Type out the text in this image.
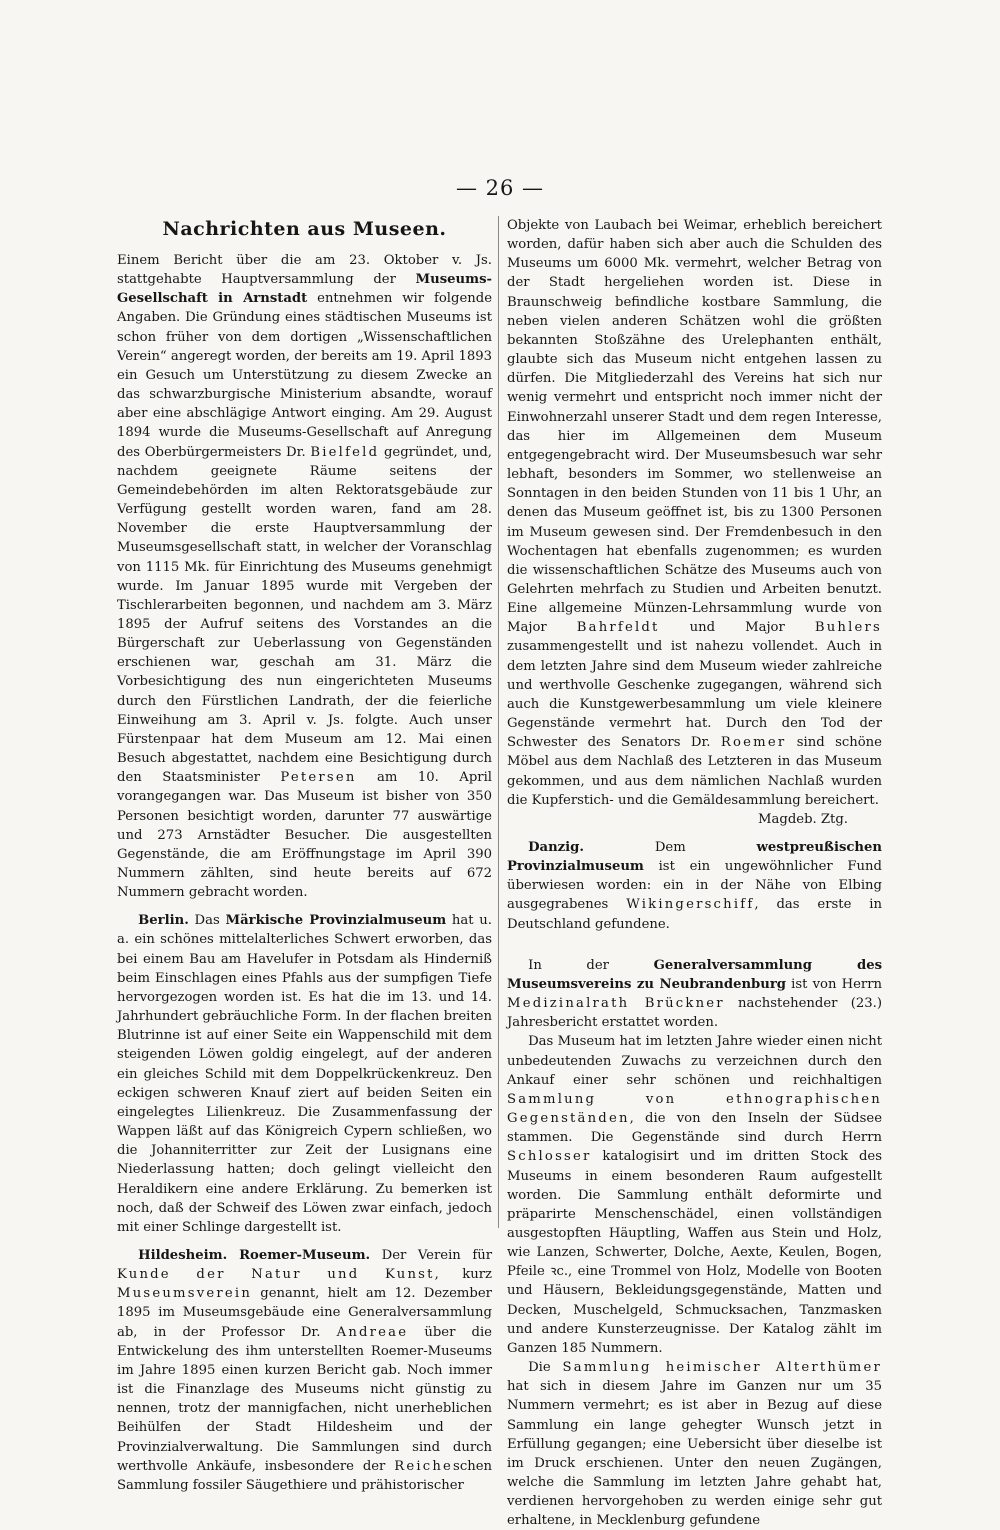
— 26 —
Nachrichten aus Museen.

Einem Bericht über die am 23. Oktober v. Js. stattgehabte Hauptversammlung der Museums-Gesellschaft in Arnstadt entnehmen wir folgende Angaben. Die Gründung eines städtischen Museums ist schon früher von dem dortigen „Wissenschaftlichen Verein“ angeregt worden, der bereits am 19. April 1893 ein Gesuch um Unterstützung zu diesem Zwecke an das schwarzburgische Ministerium absandte, worauf aber eine abschlägige Antwort einging. Am 29. August 1894 wurde die Museums-Gesellschaft auf Anregung des Oberbürgermeisters Dr. Bielfeld gegründet, und, nachdem geeignete Räume seitens der Gemeindebehörden im alten Rektoratsgebäude zur Verfügung gestellt worden waren, fand am 28. November die erste Hauptversammlung der Museumsgesellschaft statt, in welcher der Voranschlag von 1115 Mk. für Einrichtung des Museums genehmigt wurde. Im Januar 1895 wurde mit Vergeben der Tischlerarbeiten begonnen, und nachdem am 3. März 1895 der Aufruf seitens des Vorstandes an die Bürgerschaft zur Ueberlassung von Gegenständen erschienen war, geschah am 31. März die Vorbesichtigung des nun eingerichteten Museums durch den Fürstlichen Landrath, der die feierliche Einweihung am 3. April v. Js. folgte. Auch unser Fürstenpaar hat dem Museum am 12. Mai einen Besuch abgestattet, nachdem eine Besichtigung durch den Staatsminister Petersen am 10. April vorangegangen war. Das Museum ist bisher von 350 Personen besichtigt worden, darunter 77 auswärtige und 273 Arnstädter Besucher. Die ausgestellten Gegenstände, die am Eröffnungstage im April 390 Nummern zählten, sind heute bereits auf 672 Nummern gebracht worden.

Berlin. Das Märkische Provinzialmuseum hat u. a. ein schönes mittelalterliches Schwert erworben, das bei einem Bau am Havelufer in Potsdam als Hinderniß beim Einschlagen eines Pfahls aus der sumpfigen Tiefe hervorgezogen worden ist. Es hat die im 13. und 14. Jahrhundert gebräuchliche Form. In der flachen breiten Blutrinne ist auf einer Seite ein Wappenschild mit dem steigenden Löwen goldig eingelegt, auf der anderen ein gleiches Schild mit dem Doppelkrückenkreuz. Den eckigen schweren Knauf ziert auf beiden Seiten ein eingelegtes Lilienkreuz. Die Zusammenfassung der Wappen läßt auf das Königreich Cypern schließen, wo die Johanniterritter zur Zeit der Lusignans eine Niederlassung hatten; doch gelingt vielleicht den Heraldikern eine andere Erklärung. Zu bemerken ist noch, daß der Schweif des Löwen zwar einfach, jedoch mit einer Schlinge dargestellt ist.

Hildesheim. Roemer-Museum. Der Verein für Kunde der Natur und Kunst, kurz Museumsverein genannt, hielt am 12. Dezember 1895 im Museumsgebäude eine Generalversammlung ab, in der Professor Dr. Andreae über die Entwickelung des ihm unterstellten Roemer-Museums im Jahre 1895 einen kurzen Bericht gab. Noch immer ist die Finanzlage des Museums nicht günstig zu nennen, trotz der mannigfachen, nicht unerheblichen Beihülfen der Stadt Hildesheim und der Provinzialverwaltung. Die Sammlungen sind durch werthvolle Ankäufe, insbesondere der Reicheschen Sammlung fossiler Säugethiere und prähistorischer

Objekte von Laubach bei Weimar, erheblich bereichert worden, dafür haben sich aber auch die Schulden des Museums um 6000 Mk. vermehrt, welcher Betrag von der Stadt hergeliehen worden ist. Diese in Braunschweig befindliche kostbare Sammlung, die neben vielen anderen Schätzen wohl die größten bekannten Stoßzähne des Urelephanten enthält, glaubte sich das Museum nicht entgehen lassen zu dürfen. Die Mitgliederzahl des Vereins hat sich nur wenig vermehrt und entspricht noch immer nicht der Einwohnerzahl unserer Stadt und dem regen Interesse, das hier im Allgemeinen dem Museum entgegengebracht wird. Der Museumsbesuch war sehr lebhaft, besonders im Sommer, wo stellenweise an Sonntagen in den beiden Stunden von 11 bis 1 Uhr, an denen das Museum geöffnet ist, bis zu 1300 Personen im Museum gewesen sind. Der Fremdenbesuch in den Wochentagen hat ebenfalls zugenommen; es wurden die wissenschaftlichen Schätze des Museums auch von Gelehrten mehrfach zu Studien und Arbeiten benutzt. Eine allgemeine Münzen-Lehrsammlung wurde von Major Bahrfeldt und Major Buhlers zusammengestellt und ist nahezu vollendet. Auch in dem letzten Jahre sind dem Museum wieder zahlreiche und werthvolle Geschenke zugegangen, während sich auch die Kunstgewerbesammlung um viele kleinere Gegenstände vermehrt hat. Durch den Tod der Schwester des Senators Dr. Roemer sind schöne Möbel aus dem Nachlaß des Letzteren in das Museum gekommen, und aus dem nämlichen Nachlaß wurden die Kupferstich- und die Gemäldesammlung bereichert.

Magdeb. Ztg.

Danzig. Dem westpreußischen Provinzialmuseum ist ein ungewöhnlicher Fund überwiesen worden: ein in der Nähe von Elbing ausgegrabenes Wikingerschiff, das erste in Deutschland gefundene.

In der Generalversammlung des Museumsvereins zu Neubrandenburg ist von Herrn Medizinalrath Brückner nachstehender (23.) Jahresbericht erstattet worden.

Das Museum hat im letzten Jahre wieder einen nicht unbedeutenden Zuwachs zu verzeichnen durch den Ankauf einer sehr schönen und reichhaltigen Sammlung von ethnographischen Gegenständen, die von den Inseln der Südsee stammen. Die Gegenstände sind durch Herrn Schlosser katalogisirt und im dritten Stock des Museums in einem besonderen Raum aufgestellt worden. Die Sammlung enthält deformirte und präparirte Menschenschädel, einen vollständigen ausgestopften Häuptling, Waffen aus Stein und Holz, wie Lanzen, Schwerter, Dolche, Aexte, Keulen, Bogen, Pfeile ꝛc., eine Trommel von Holz, Modelle von Booten und Häusern, Bekleidungsgegenstände, Matten und Decken, Muschelgeld, Schmucksachen, Tanzmasken und andere Kunsterzeugnisse. Der Katalog zählt im Ganzen 185 Nummern.

Die Sammlung heimischer Alterthümer hat sich in diesem Jahre im Ganzen nur um 35 Nummern vermehrt; es ist aber in Bezug auf diese Sammlung ein lange gehegter Wunsch jetzt in Erfüllung gegangen; eine Uebersicht über dieselbe ist im Druck erschienen. Unter den neuen Zugängen, welche die Sammlung im letzten Jahre gehabt hat, verdienen hervorgehoben zu werden einige sehr gut erhaltene, in Mecklenburg gefundene
